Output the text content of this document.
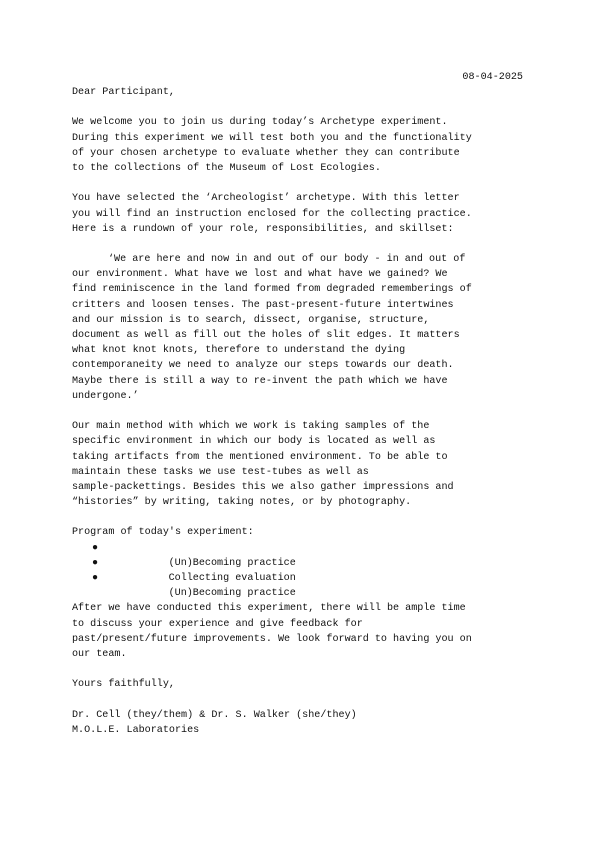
08-04-2025
Dear Participant,
We welcome you to join us during today’s Archetype experiment.
During this experiment we will test both you and the functionality
of your chosen archetype to evaluate whether they can contribute
to the collections of the Museum of Lost Ecologies.
You have selected the ‘Archeologist’ archetype. With this letter
you will find an instruction enclosed for the collecting practice.
Here is a rundown of your role, responsibilities, and skillset:
‘We are here and now in and out of our body - in and out of
our environment. What have we lost and what have we gained? We
find reminiscence in the land formed from degraded rememberings of
critters and loosen tenses. The past-present-future intertwines
and our mission is to search, dissect, organise, structure,
document as well as fill out the holes of slit edges. It matters
what knot knot knots, therefore to understand the dying
contemporaneity we need to analyze our steps towards our death.
Maybe there is still a way to re-invent the path which we have
undergone.’
Our main method with which we work is taking samples of the
specific environment in which our body is located as well as
taking artifacts from the mentioned environment. To be able to
maintain these tasks we use test-tubes as well as
sample-packettings. Besides this we also gather impressions and
“histories” by writing, taking notes, or by photography.
Program of today's experiment:

●
(Un)Becoming practice

●
Collecting evaluation

●
(Un)Becoming practice

After we have conducted this experiment, there will be ample time
to discuss your experience and give feedback for
past/present/future improvements. We look forward to having you on
our team.
Yours faithfully,
Dr. Cell (they/them) & Dr. S. Walker (she/they)
M.O.L.E. Laboratories
